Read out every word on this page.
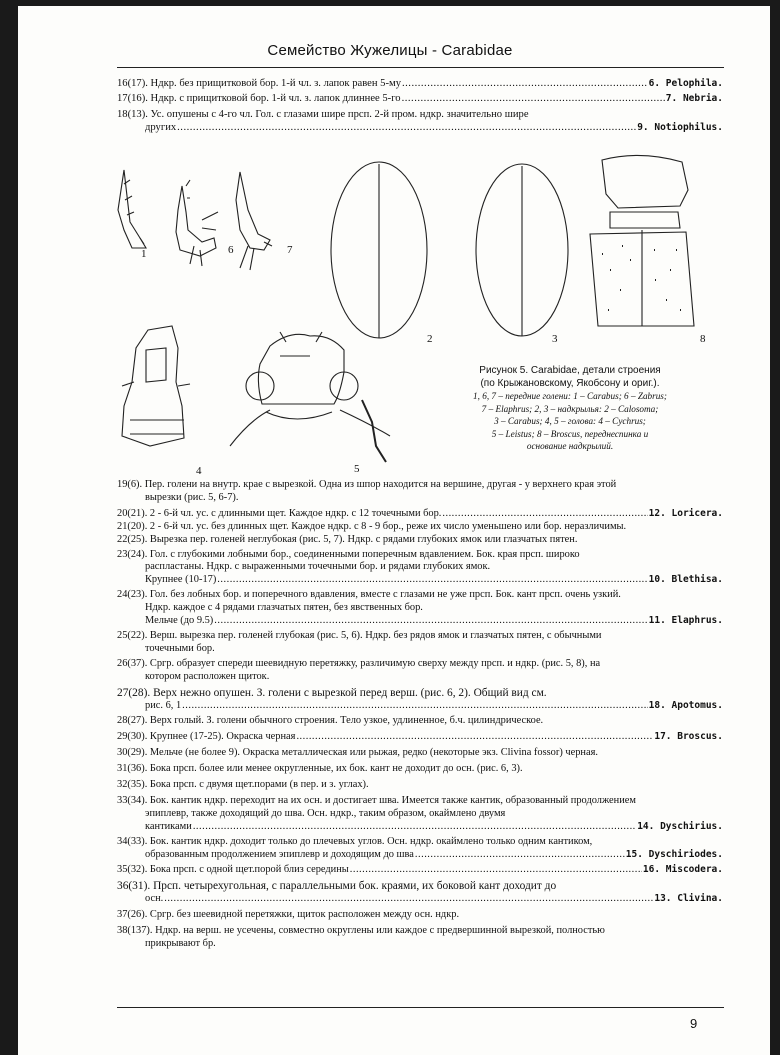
Семейство Жужелицы - Carabidae
16(17). Ндкр. без прищитковой бор. 1-й чл. з. лапок равен 5-му .....	6. Pelophila.
17(16). Ндкр. с прищитковой бор. 1-й чл. з. лапок длиннее 5-го .....	7. Nebria.
18(13). Ус. опушены с 4-го чл. Гол. с глазами шире прсп. 2-й пром. ндкр. значительно шире
других .....	9. Notiophilus.
1	6	7
2	3	8
4	5
Рисунок 5. Carabidae, детали строения
(по Крыжановскому, Якобсону и ориг.).
1, 6, 7 – передние голени: 1 – Carabus; 6 – Zabrus;
7 – Elaphrus; 2, 3 – надкрылья: 2 – Calosoma;
3 – Carabus; 4, 5 – голова: 4 – Cychrus;
5 – Leistus; 8 – Broscus, переднеспинка и
основание надкрылий.
19(6). Пер. голени на внутр. крае с вырезкой. Одна из шпор находится на вершине, другая - у верхнего края этой
вырезки (рис. 5, 6-7).
20(21). 2 - 6-й чл. ус. с длинными щет. Каждое ндкр. с 12 точечными бор. .....	12. Loricera.
21(20). 2 - 6-й чл. ус. без длинных щет. Каждое ндкр. с 8 - 9 бор., реже их число уменьшено или бор. неразличимы.
22(25). Вырезка пер. голеней неглубокая (рис. 5, 7). Ндкр. с рядами глубоких ямок или глазчатых пятен.
23(24). Гол. с глубокими лобными бор., соединенными поперечным вдавлением. Бок. края прсп. широко
распластаны. Ндкр. с выраженными точечными бор. и рядами глубоких ямок.
Крупнее (10-17) .....	10. Blethisa.
24(23). Гол. без лобных бор. и поперечного вдавления, вместе с глазами не уже прсп. Бок. кант прсп. очень узкий.
Ндкр. каждое с 4 рядами глазчатых пятен, без явственных бор.
Мельче (до 9.5) .....	11. Elaphrus.
25(22). Верш. вырезка пер. голеней глубокая (рис. 5, 6). Ндкр. без рядов ямок и глазчатых пятен, с обычными
точечными бор.
26(37). Сргр. образует спереди шеевидную перетяжку, различимую сверху между прсп. и ндкр. (рис. 5, 8), на
котором расположен щиток.
27(28). Верх нежно опушен. З. голени с вырезкой перед верш. (рис. 6, 2). Общий вид см.
рис. 6, 1 .....	18. Apotomus.
28(27). Верх голый. З. голени обычного строения. Тело узкое, удлиненное, б.ч. цилиндрическое.
29(30). Крупнее (17-25). Окраска черная .....	17. Broscus.
30(29). Мельче (не более 9). Окраска металлическая или рыжая, редко (некоторые экз. Clivina fossor) черная.
31(36). Бока прсп. более или менее округленные, их бок. кант не доходит до осн. (рис. 6, 3).
32(35). Бока прсп. с двумя щет.порами (в пер. и з. углах).
33(34). Бок. кантик ндкр. переходит на их осн. и достигает шва. Имеется также кантик, образованный продолжением
эпиплевр, также доходящий до шва. Осн. ндкр., таким образом, окаймлено двумя
кантиками .....	14. Dyschirius.
34(33). Бок. кантик ндкр. доходит только до плечевых углов. Осн. ндкр. окаймлено только одним кантиком,
образованным продолжением эпиплевр и доходящим до шва .....	15. Dyschiriodes.
35(32). Бока прсп. с одной щет.порой близ середины .....	16. Miscodera.
36(31). Прсп. четырехугольная, с параллельными бок. краями, их боковой кант доходит до
осн. .....	13. Clivina.
37(26). Сргр. без шеевидной перетяжки, щиток расположен между осн. ндкр.
38(137). Ндкр. на верш. не усечены, совместно округлены или каждое с предвершинной вырезкой, полностью
прикрывают бр.
9
